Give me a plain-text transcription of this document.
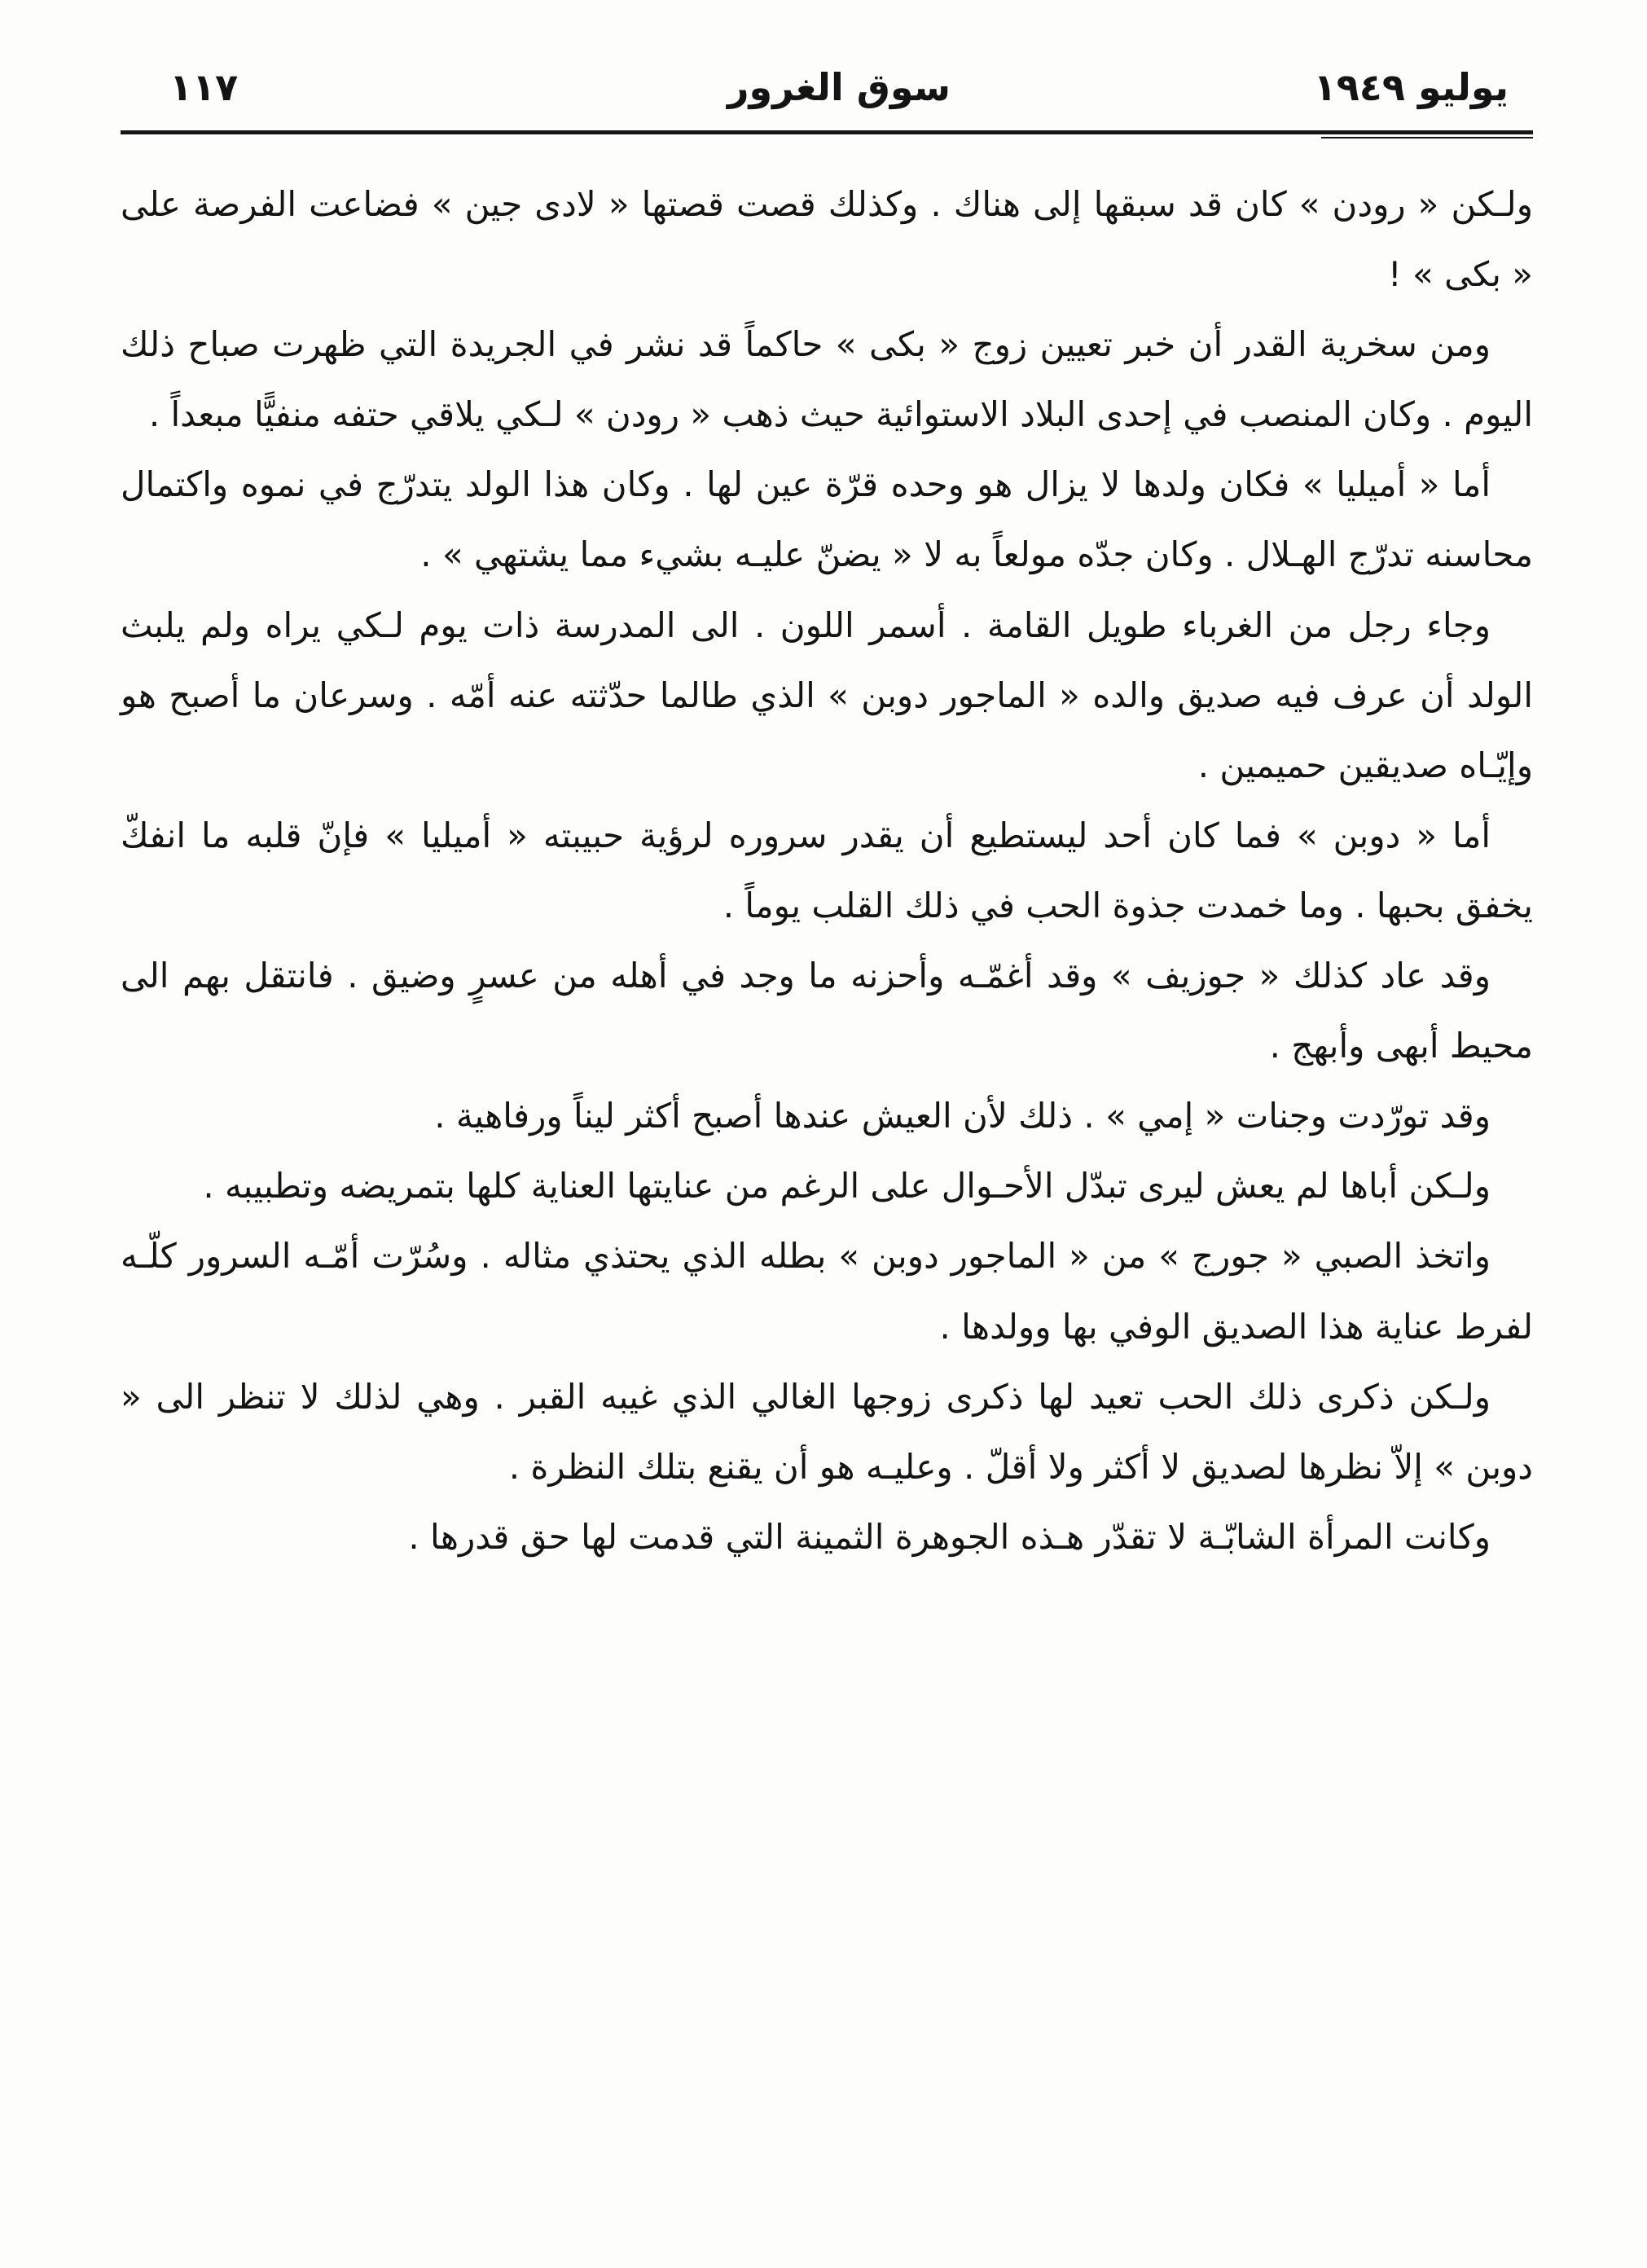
١١٧	سوق الغرور	يوليو ١٩٤٩

ولـكن « رودن » كان قد سبقها إلى هناك . وكذلك قصت قصتها « لادى جين » فضاعت الفرصة على « بكى » !

ومن سخرية القدر أن خبر تعيين زوج « بكى » حاكماً قد نشر في الجريدة التي ظهرت صباح ذلك اليوم . وكان المنصب في إحدى البلاد الاستوائية حيث ذهب « رودن » لـكي يلاقي حتفه منفيًّا مبعداً .

أما « أميليا » فكان ولدها لا يزال هو وحده قرّة عين لها . وكان هذا الولد يتدرّج في نموه واكتمال محاسنه تدرّج الهـلال . وكان جدّه مولعاً به لا « يضنّ عليـه بشيء مما يشتهي » .

وجاء رجل من الغرباء طويل القامة . أسمر اللون . الى المدرسة ذات يوم لـكي يراه ولم يلبث الولد أن عرف فيه صديق والده « الماجور دوبن » الذي طالما حدّثته عنه أمّه . وسرعان ما أصبح هو وإيّـاه صديقين حميمين .

أما « دوبن » فما كان أحد ليستطيع أن يقدر سروره لرؤية حبيبته « أميليا » فإنّ قلبه ما انفكّ يخفق بحبها . وما خمدت جذوة الحب في ذلك القلب يوماً .

وقد عاد كذلك « جوزيف » وقد أغمّـه وأحزنه ما وجد في أهله من عسرٍ وضيق . فانتقل بهم الى محيط أبهى وأبهج .

وقد تورّدت وجنات « إمي » . ذلك لأن العيش عندها أصبح أكثر ليناً ورفاهية .

ولـكن أباها لم يعش ليرى تبدّل الأحـوال على الرغم من عنايتها العناية كلها بتمريضه وتطبيبه .

واتخذ الصبي « جورج » من « الماجور دوبن » بطله الذي يحتذي مثاله . وسُرّت أمّـه السرور كلّـه لفرط عناية هذا الصديق الوفي بها وولدها .

ولـكن ذكرى ذلك الحب تعيد لها ذكرى زوجها الغالي الذي غيبه القبر . وهي لذلك لا تنظر الى « دوبن » إلاّ نظرها لصديق لا أكثر ولا أقلّ . وعليـه هو أن يقنع بتلك النظرة .

وكانت المرأة الشابّـة لا تقدّر هـذه الجوهرة الثمينة التي قدمت لها حق قدرها .
